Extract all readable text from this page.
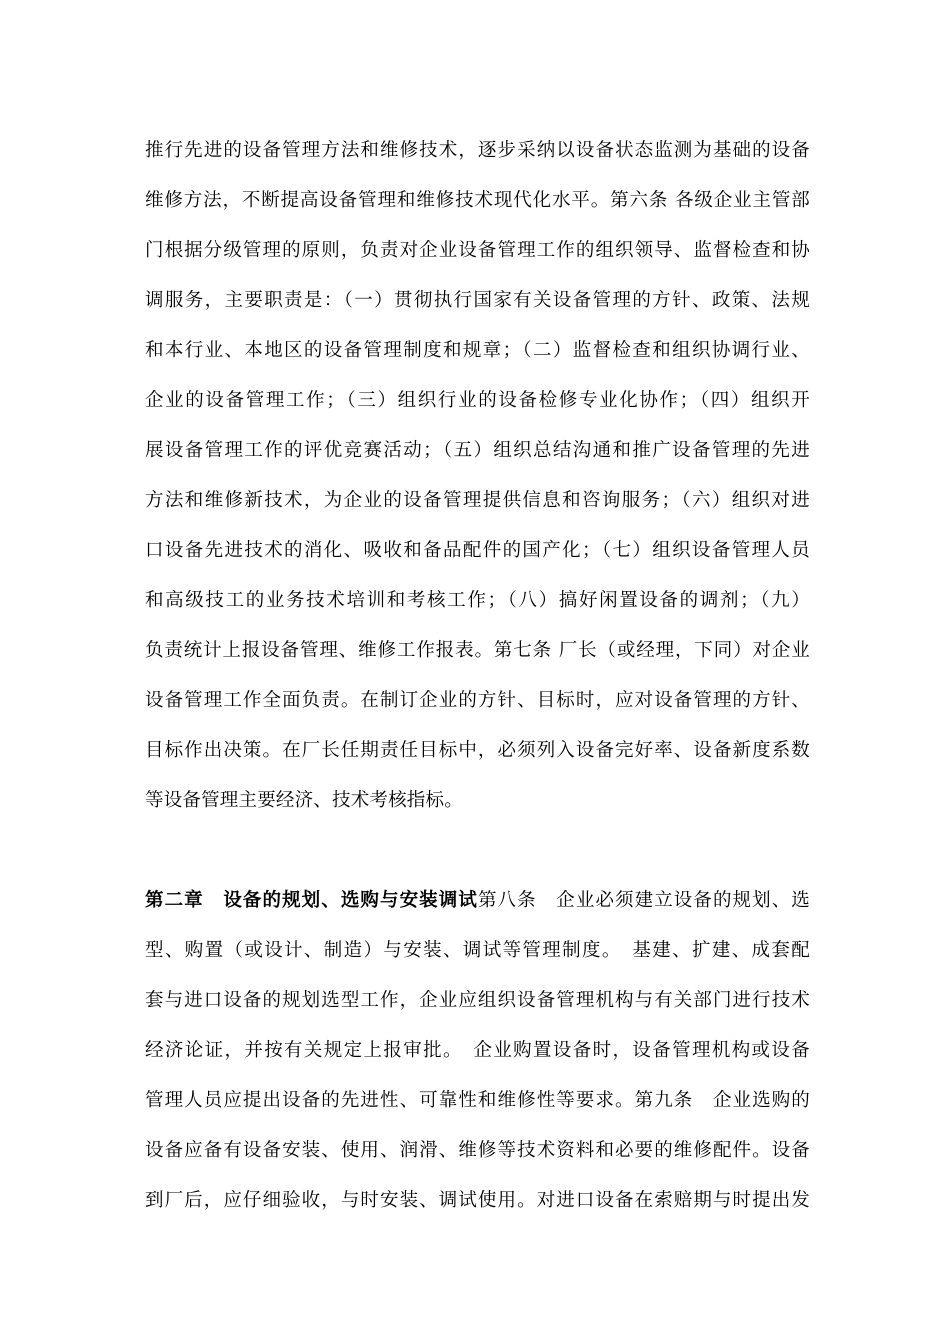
推行先进的设备管理方法和维修技术，逐步采纳以设备状态监测为基础的设备
维修方法，不断提高设备管理和维修技术现代化水平。第六条 各级企业主管部
门根据分级管理的原则，负责对企业设备管理工作的组织领导、监督检查和协
调服务，主要职责是：（一）贯彻执行国家有关设备管理的方针、政策、法规
和本行业、本地区的设备管理制度和规章；（二）监督检查和组织协调行业、
企业的设备管理工作；（三）组织行业的设备检修专业化协作；（四）组织开
展设备管理工作的评优竞赛活动；（五）组织总结沟通和推广设备管理的先进
方法和维修新技术，为企业的设备管理提供信息和咨询服务；（六）组织对进
口设备先进技术的消化、吸收和备品配件的国产化；（七）组织设备管理人员
和高级技工的业务技术培训和考核工作；（八）搞好闲置设备的调剂；（九）
负责统计上报设备管理、维修工作报表。第七条 厂长（或经理，下同）对企业
设备管理工作全面负责。在制订企业的方针、目标时，应对设备管理的方针、
目标作出决策。在厂长任期责任目标中，必须列入设备完好率、设备新度系数
等设备管理主要经济、技术考核指标。
第二章　设备的规划、选购与安装调试第八条　企业必须建立设备的规划、选
型、购置（或设计、制造）与安装、调试等管理制度。　基建、扩建、成套配
套与进口设备的规划选型工作，企业应组织设备管理机构与有关部门进行技术
经济论证，并按有关规定上报审批。　企业购置设备时，设备管理机构或设备
管理人员应提出设备的先进性、可靠性和维修性等要求。第九条　企业选购的
设备应备有设备安装、使用、润滑、维修等技术资料和必要的维修配件。设备
到厂后，应仔细验收，与时安装、调试使用。对进口设备在索赔期与时提出发
